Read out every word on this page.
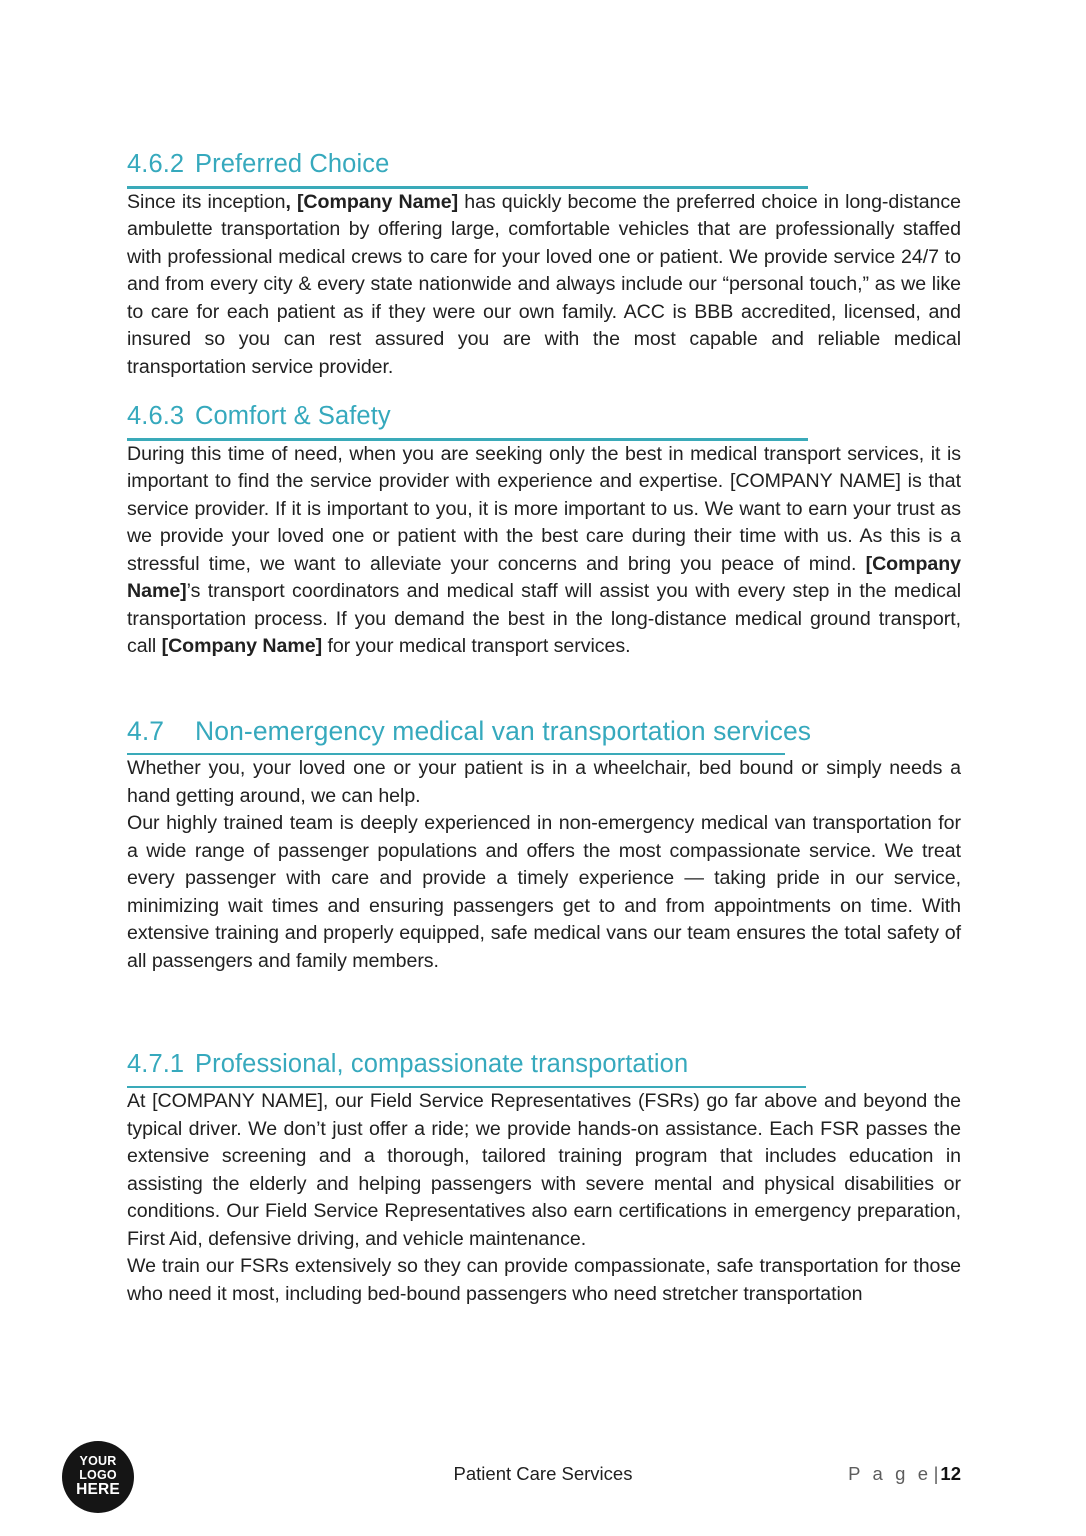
4.6.2 Preferred Choice

Since its inception, [Company Name] has quickly become the preferred choice in long-distance ambulette transportation by offering large, comfortable vehicles that are professionally staffed with professional medical crews to care for your loved one or patient. We provide service 24/7 to and from every city & every state nationwide and always include our “personal touch,” as we like to care for each patient as if they were our own family. ACC is BBB accredited, licensed, and insured so you can rest assured you are with the most capable and reliable medical transportation service provider.

4.6.3 Comfort & Safety

During this time of need, when you are seeking only the best in medical transport services, it is important to find the service provider with experience and expertise. [COMPANY NAME] is that service provider. If it is important to you, it is more important to us. We want to earn your trust as we provide your loved one or patient with the best care during their time with us. As this is a stressful time, we want to alleviate your concerns and bring you peace of mind. [Company Name]’s transport coordinators and medical staff will assist you with every step in the medical transportation process. If you demand the best in the long-distance medical ground transport, call [Company Name] for your medical transport services.

4.7	Non-emergency medical van transportation services

Whether you, your loved one or your patient is in a wheelchair, bed bound or simply needs a hand getting around, we can help.

Our highly trained team is deeply experienced in non-emergency medical van transportation for a wide range of passenger populations and offers the most compassionate service. We treat every passenger with care and provide a timely experience — taking pride in our service, minimizing wait times and ensuring passengers get to and from appointments on time. With extensive training and properly equipped, safe medical vans our team ensures the total safety of all passengers and family members.

4.7.1 Professional, compassionate transportation

At [COMPANY NAME], our Field Service Representatives (FSRs) go far above and beyond the typical driver. We don’t just offer a ride; we provide hands-on assistance. Each FSR passes the extensive screening and a thorough, tailored training program that includes education in assisting the elderly and helping passengers with severe mental and physical disabilities or conditions. Our Field Service Representatives also earn certifications in emergency preparation, First Aid, defensive driving, and vehicle maintenance.

We train our FSRs extensively so they can provide compassionate, safe transportation for those who need it most, including bed-bound passengers who need stretcher transportation

YOUR
LOGO
HERE
Patient Care Services	P a g e | 12
